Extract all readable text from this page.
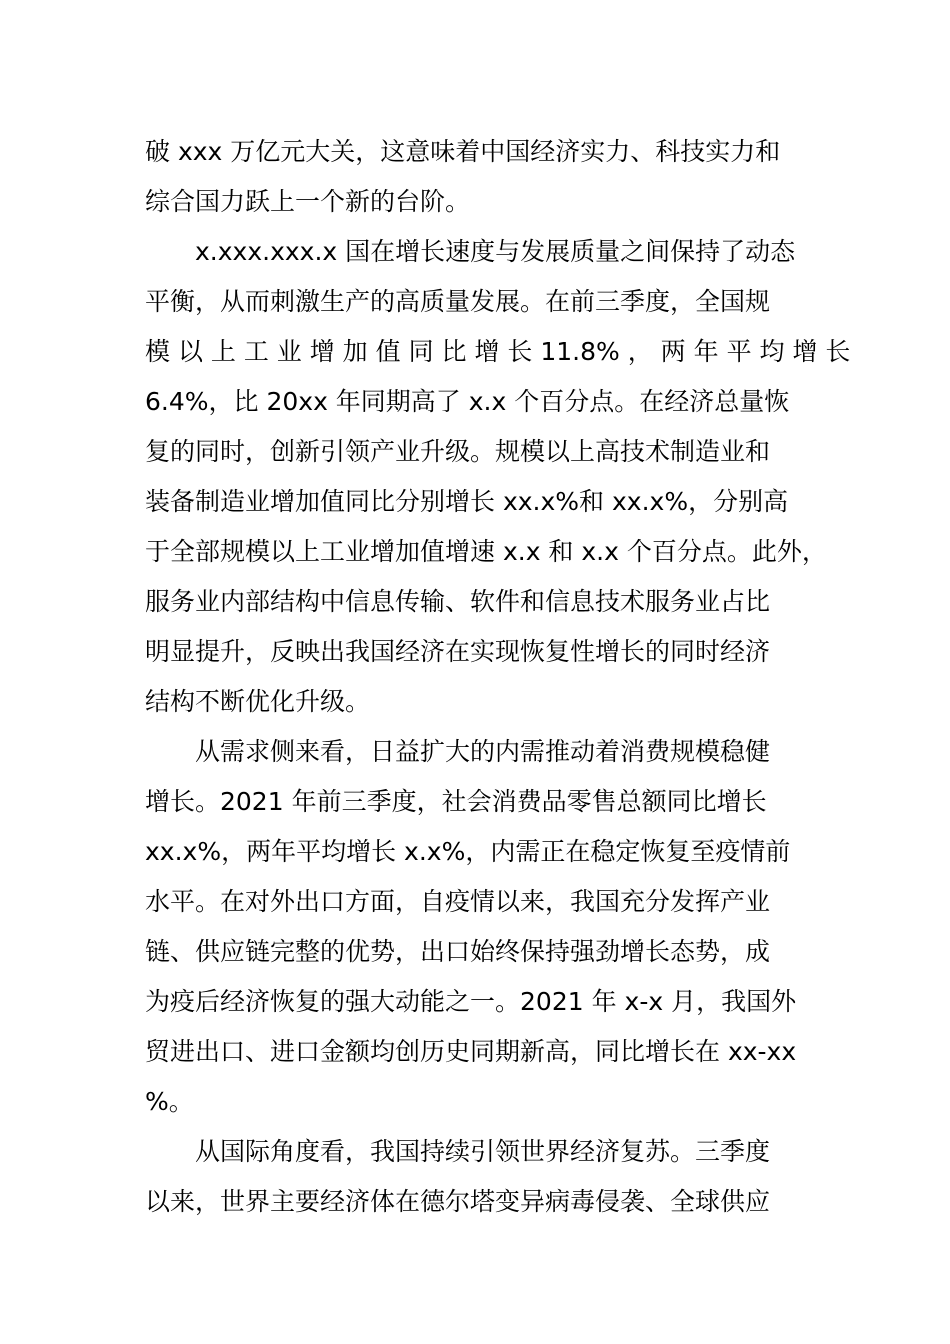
破 xxx 万亿元大关，这意味着中国经济实力、科技实力和
综合国力跃上一个新的台阶。
x.xxx.xxx.x 国在增长速度与发展质量之间保持了动态
平衡，从而刺激生产的高质量发展。在前三季度，全国规
模 以 上 工 业 增 加 值 同 比 增 长 11.8% ， 两 年 平 均 增 长
6.4%，比 20xx 年同期高了 x.x 个百分点。在经济总量恢
复的同时，创新引领产业升级。规模以上高技术制造业和
装备制造业增加值同比分别增长 xx.x%和 xx.x%，分别高
于全部规模以上工业增加值增速 x.x 和 x.x 个百分点。此外，
服务业内部结构中信息传输、软件和信息技术服务业占比
明显提升，反映出我国经济在实现恢复性增长的同时经济
结构不断优化升级。
从需求侧来看，日益扩大的内需推动着消费规模稳健
增长。2021 年前三季度，社会消费品零售总额同比增长
xx.x%，两年平均增长 x.x%，内需正在稳定恢复至疫情前
水平。在对外出口方面，自疫情以来，我国充分发挥产业
链、供应链完整的优势，出口始终保持强劲增长态势，成
为疫后经济恢复的强大动能之一。2021 年 x-x 月，我国外
贸进出口、进口金额均创历史同期新高，同比增长在 xx-xx
%。
从国际角度看，我国持续引领世界经济复苏。三季度
以来，世界主要经济体在德尔塔变异病毒侵袭、全球供应
